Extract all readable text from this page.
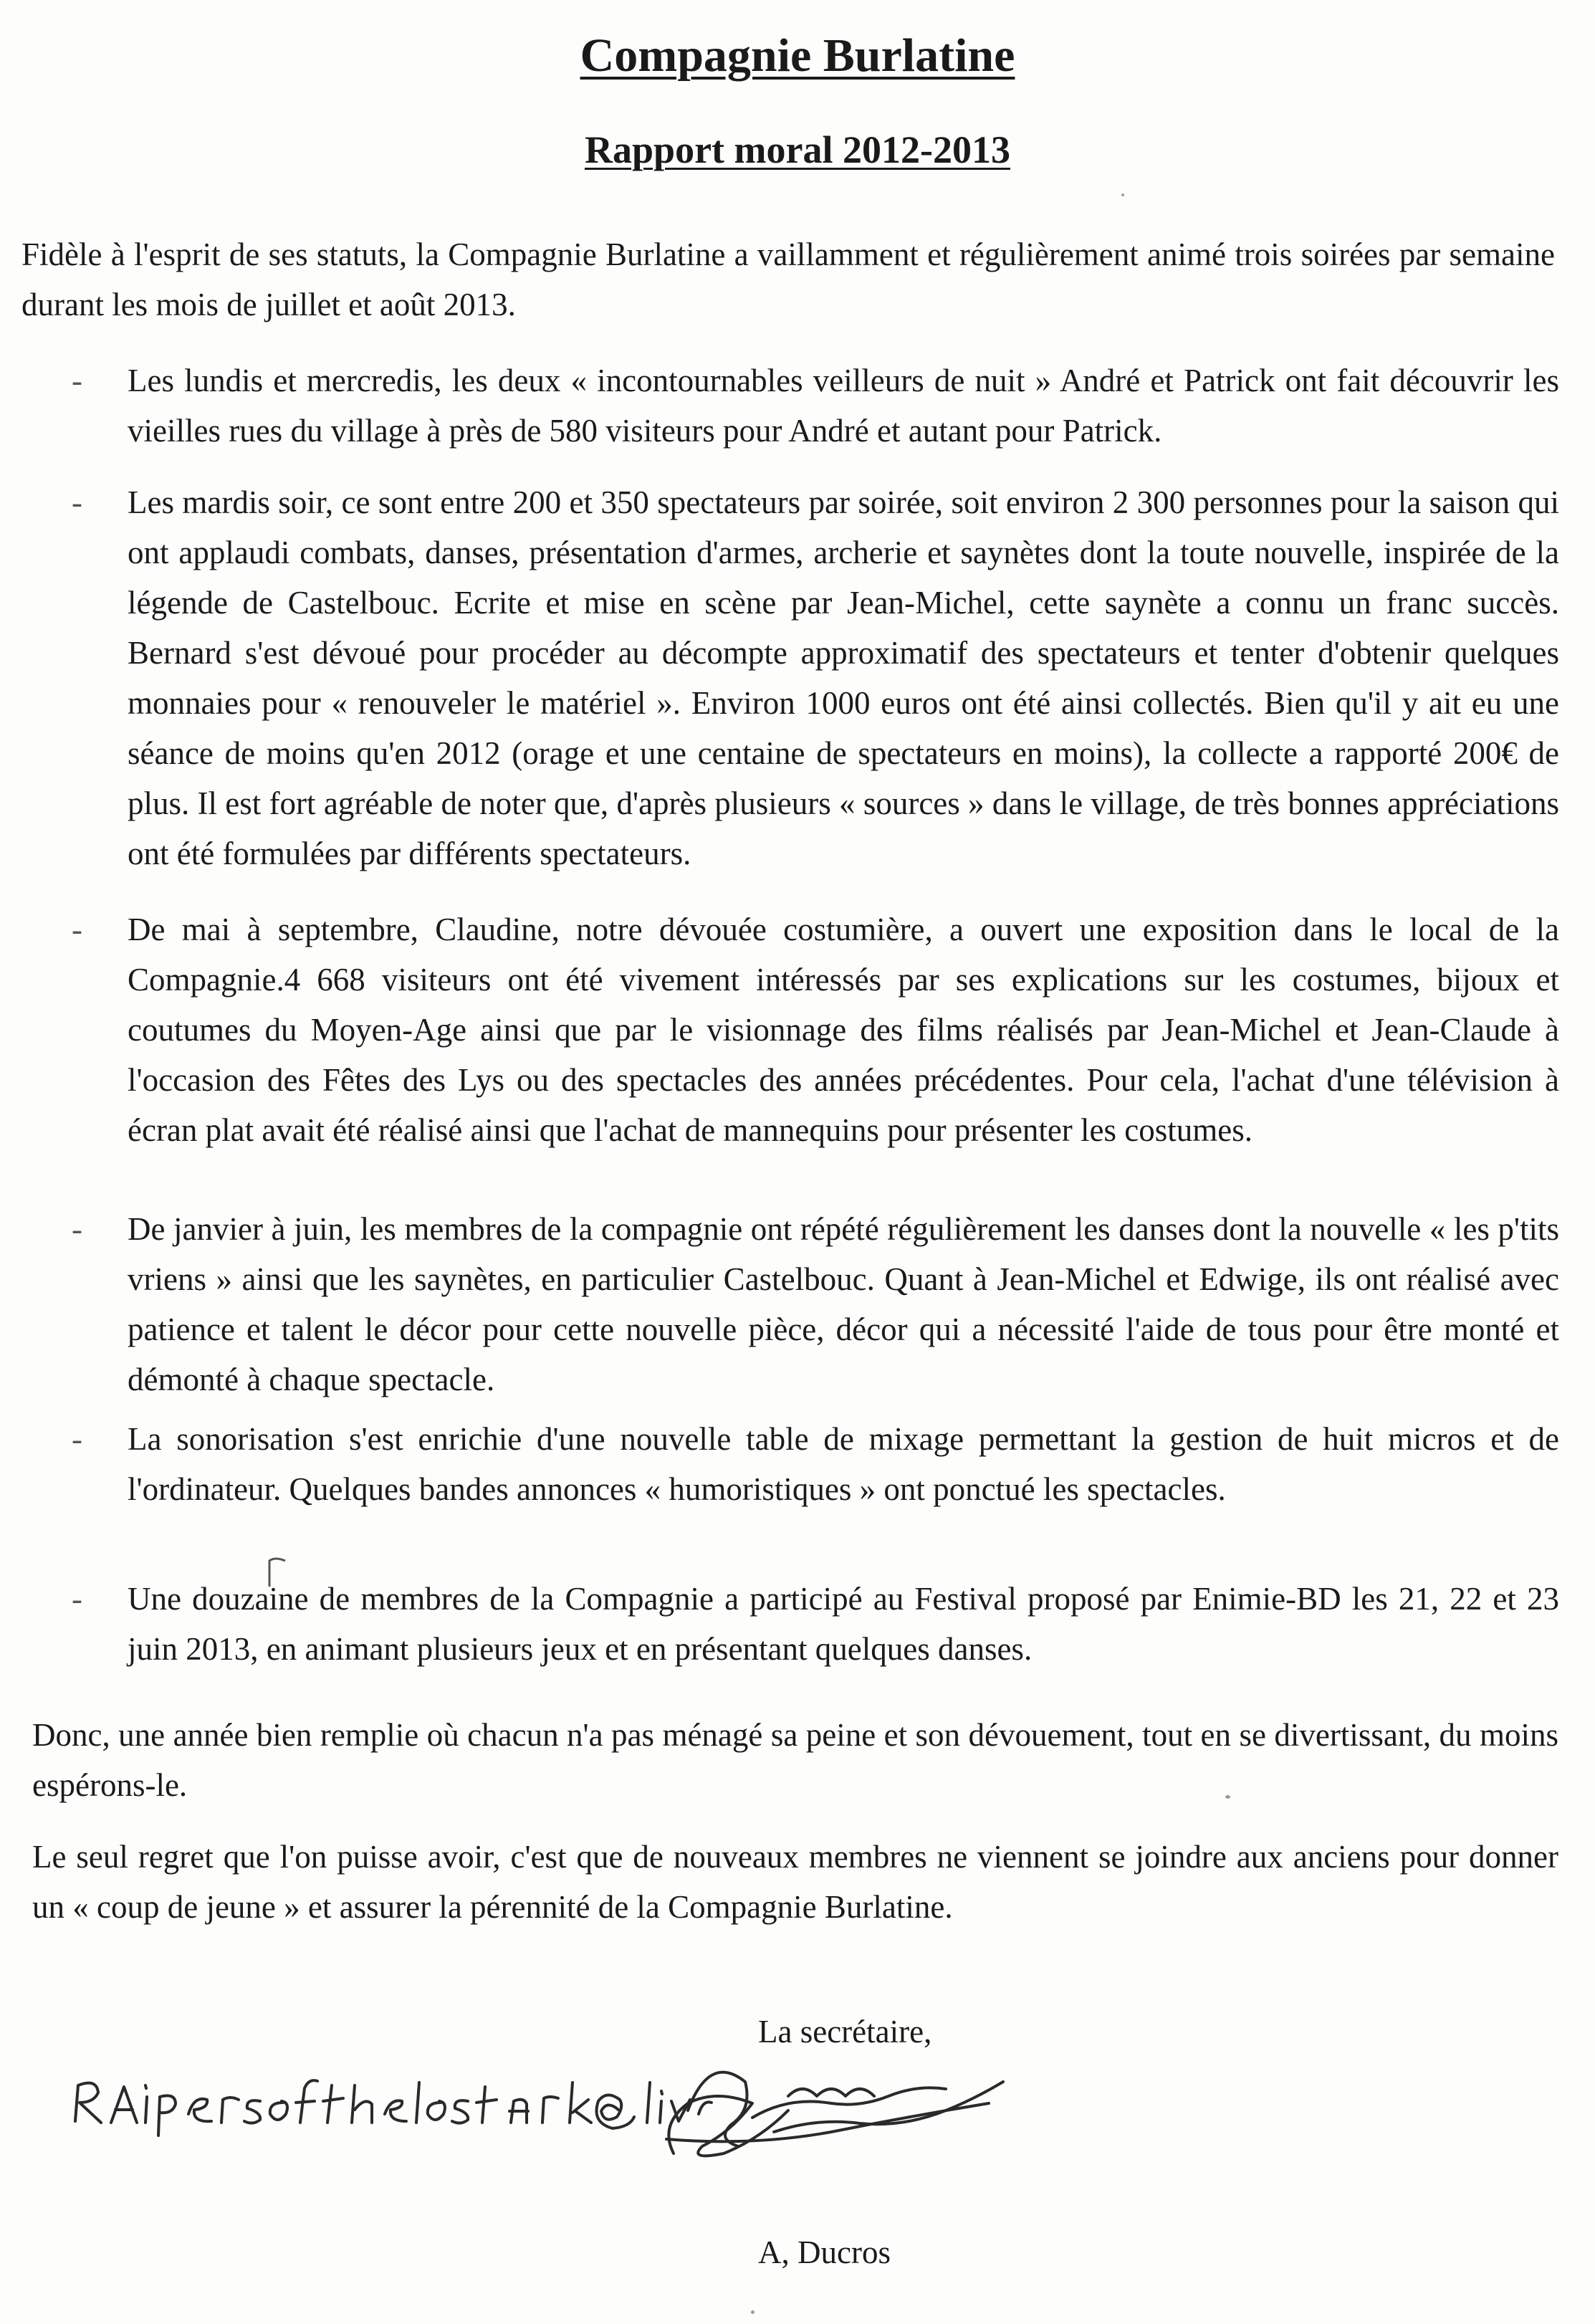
Compagnie Burlatine
Rapport moral 2012-2013

Fidèle à l'esprit de ses statuts, la Compagnie Burlatine a vaillamment et régulièrement animé trois soirées par semaine durant les mois de juillet et août 2013.

- Les lundis et mercredis, les deux « incontournables veilleurs de nuit » André et Patrick ont fait découvrir les vieilles rues du village à près de 580 visiteurs pour André et autant pour Patrick.

- Les mardis soir, ce sont entre 200 et 350 spectateurs par soirée, soit environ 2 300 personnes pour la saison qui ont applaudi combats, danses, présentation d'armes, archerie et saynètes dont la toute nouvelle, inspirée de la légende de Castelbouc. Ecrite et mise en scène par Jean-Michel, cette saynète a connu un franc succès. Bernard s'est dévoué pour procéder au décompte approximatif des spectateurs et tenter d'obtenir quelques monnaies pour « renouveler le matériel ». Environ 1000 euros ont été ainsi collectés. Bien qu'il y ait eu une séance de moins qu'en 2012 (orage et une centaine de spectateurs en moins), la collecte a rapporté 200€ de plus. Il est fort agréable de noter que, d'après plusieurs « sources » dans le village, de très bonnes appréciations ont été formulées par différents spectateurs.

- De mai à septembre, Claudine, notre dévouée costumière, a ouvert une exposition dans le local de la Compagnie.4 668 visiteurs ont été vivement intéressés par ses explications sur les costumes, bijoux et coutumes du Moyen-Age ainsi que par le visionnage des films réalisés par Jean-Michel et Jean-Claude à l'occasion des Fêtes des Lys ou des spectacles des années précédentes. Pour cela, l'achat d'une télévision à écran plat avait été réalisé ainsi que l'achat de mannequins pour présenter les costumes.

- De janvier à juin, les membres de la compagnie ont répété régulièrement les danses dont la nouvelle « les p'tits vriens » ainsi que les saynètes, en particulier Castelbouc. Quant à Jean-Michel et Edwige, ils ont réalisé avec patience et talent le décor pour cette nouvelle pièce, décor qui a nécessité l'aide de tous pour être monté et démonté à chaque spectacle.

- La sonorisation s'est enrichie d'une nouvelle table de mixage permettant la gestion de huit micros et de l'ordinateur. Quelques bandes annonces « humoristiques » ont ponctué les spectacles.

- Une douzaine de membres de la Compagnie a participé au Festival proposé par Enimie-BD les 21, 22 et 23 juin 2013, en animant plusieurs jeux et en présentant quelques danses.

Donc, une année bien remplie où chacun n'a pas ménagé sa peine et son dévouement, tout en se divertissant, du moins espérons-le.

Le seul regret que l'on puisse avoir, c'est que de nouveaux membres ne viennent se joindre aux anciens pour donner un « coup de jeune » et assurer la pérennité de la Compagnie Burlatine.

La secrétaire,
A, Ducros
